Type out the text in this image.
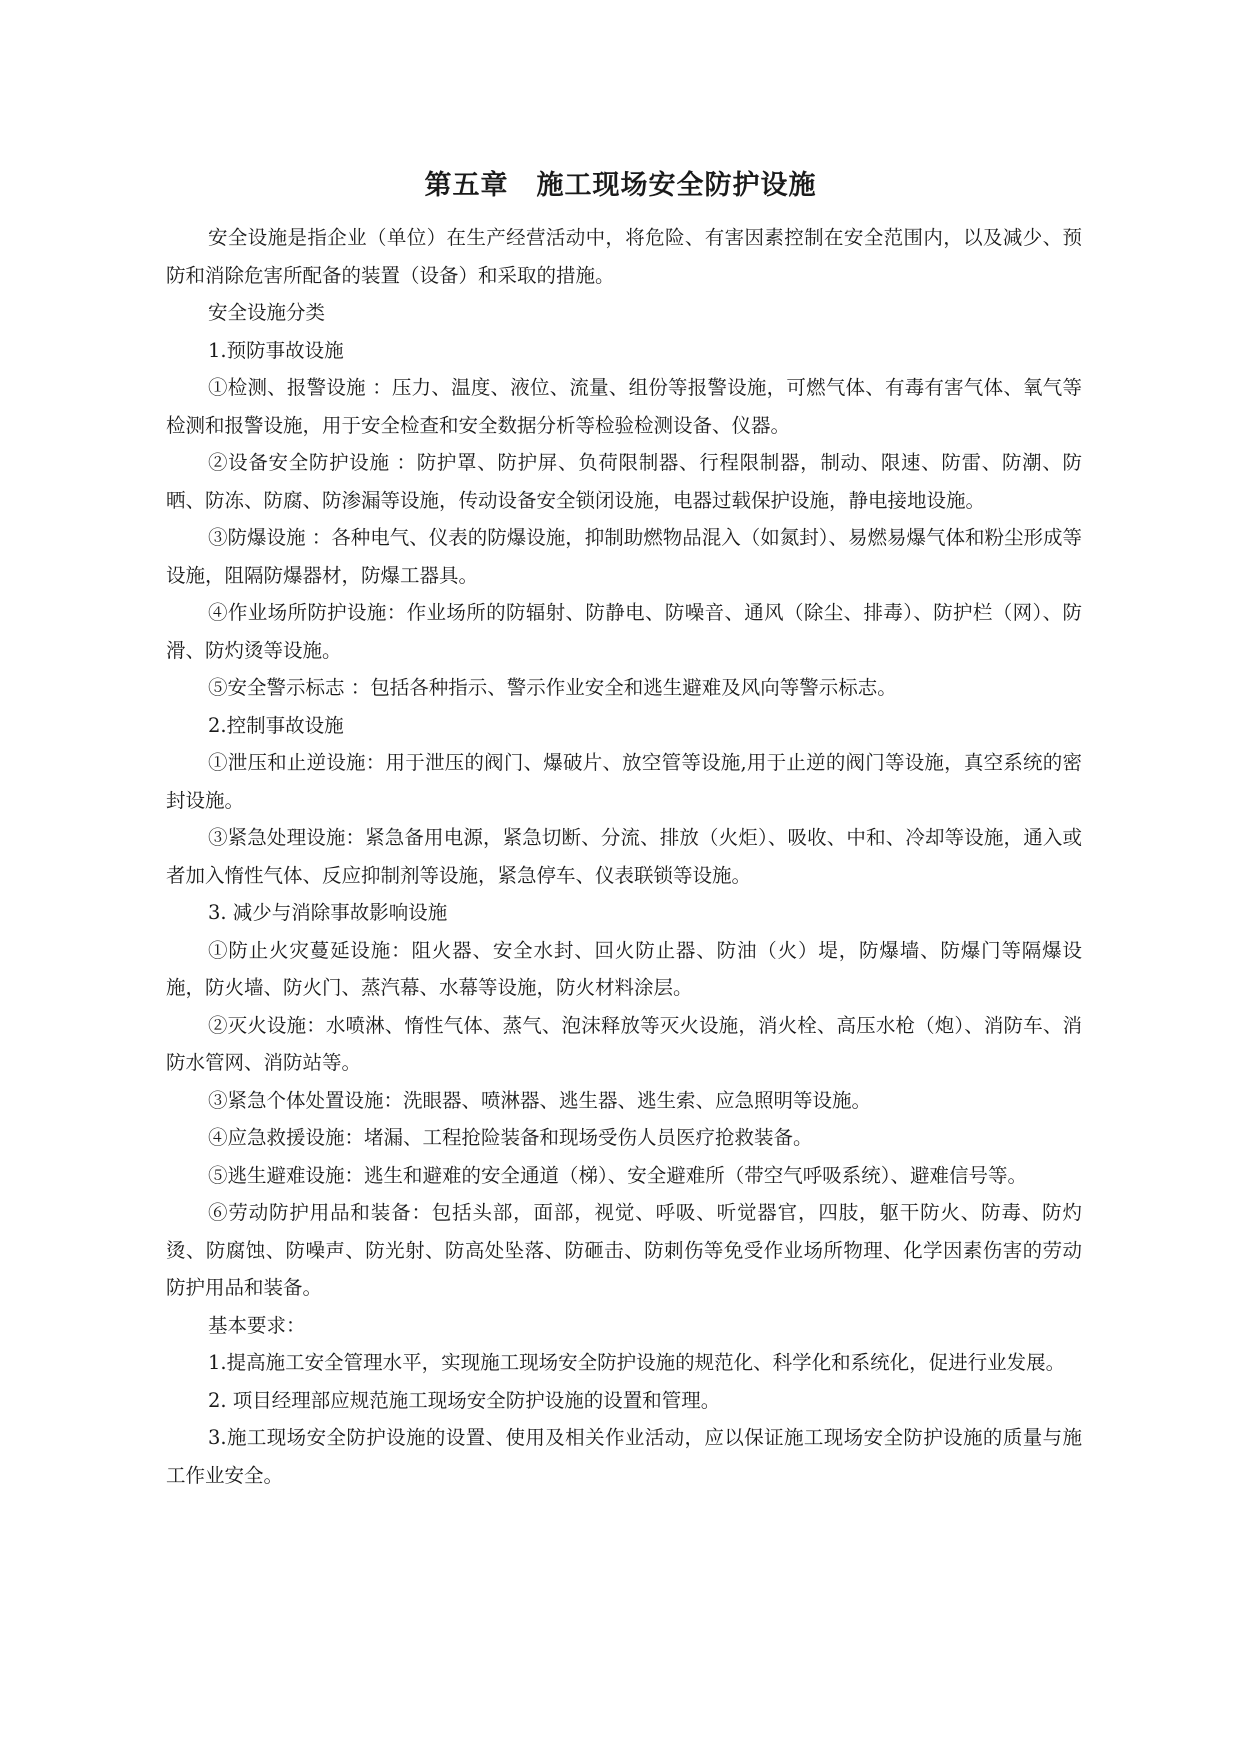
第五章　施工现场安全防护设施

安全设施是指企业（单位）在生产经营活动中，将危险、有害因素控制在安全范围内，以及减少、预防和消除危害所配备的装置（设备）和采取的措施。

安全设施分类

1.预防事故设施

①检测、报警设施 ：压力、温度、液位、流量、组份等报警设施，可燃气体、有毒有害气体、氧气等检测和报警设施，用于安全检查和安全数据分析等检验检测设备、仪器。

②设备安全防护设施 ：防护罩、防护屏、负荷限制器、行程限制器，制动、限速、防雷、防潮、防晒、防冻、防腐、防渗漏等设施，传动设备安全锁闭设施，电器过载保护设施，静电接地设施。

③防爆设施 ：各种电气、仪表的防爆设施，抑制助燃物品混入（如氮封）、易燃易爆气体和粉尘形成等设施，阻隔防爆器材，防爆工器具。

④作业场所防护设施：作业场所的防辐射、防静电、防噪音、通风（除尘、排毒）、防护栏（网）、防滑、防灼烫等设施。

⑤安全警示标志 ：包括各种指示、警示作业安全和逃生避难及风向等警示标志。

2.控制事故设施

①泄压和止逆设施：用于泄压的阀门、爆破片、放空管等设施,用于止逆的阀门等设施，真空系统的密封设施。

③紧急处理设施：紧急备用电源，紧急切断、分流、排放（火炬）、吸收、中和、冷却等设施，通入或者加入惰性气体、反应抑制剂等设施，紧急停车、仪表联锁等设施。

3. 减少与消除事故影响设施

①防止火灾蔓延设施：阻火器、安全水封、回火防止器、防油（火）堤，防爆墙、防爆门等隔爆设施，防火墙、防火门、蒸汽幕、水幕等设施，防火材料涂层。

②灭火设施：水喷淋、惰性气体、蒸气、泡沫释放等灭火设施，消火栓、高压水枪（炮）、消防车、消防水管网、消防站等。

③紧急个体处置设施：洗眼器、喷淋器、逃生器、逃生索、应急照明等设施。

④应急救援设施：堵漏、工程抢险装备和现场受伤人员医疗抢救装备。

⑤逃生避难设施：逃生和避难的安全通道（梯）、安全避难所（带空气呼吸系统）、避难信号等。

⑥劳动防护用品和装备：包括头部，面部，视觉、呼吸、听觉器官，四肢，躯干防火、防毒、防灼烫、防腐蚀、防噪声、防光射、防高处坠落、防砸击、防刺伤等免受作业场所物理、化学因素伤害的劳动防护用品和装备。

基本要求：

1.提高施工安全管理水平，实现施工现场安全防护设施的规范化、科学化和系统化，促进行业发展。

2. 项目经理部应规范施工现场安全防护设施的设置和管理。

3.施工现场安全防护设施的设置、使用及相关作业活动，应以保证施工现场安全防护设施的质量与施工作业安全。
